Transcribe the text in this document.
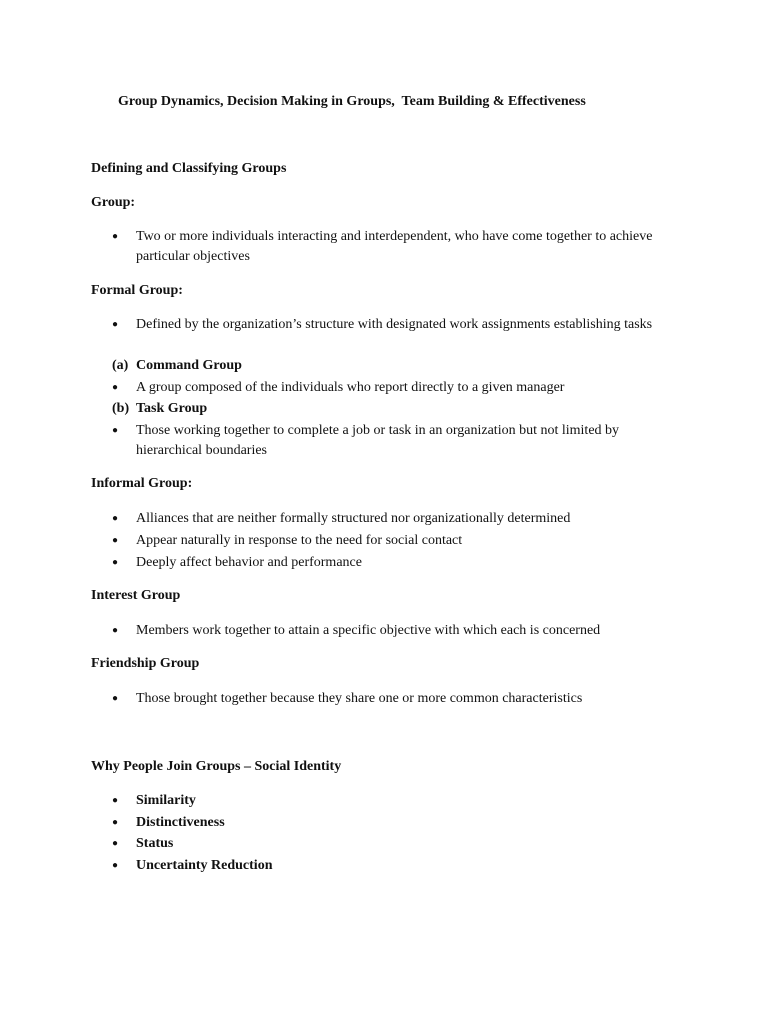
Group Dynamics, Decision Making in Groups,  Team Building & Effectiveness

Defining and Classifying Groups

Group:

●	Two or more individuals interacting and interdependent, who have come together to achieve particular objectives

Formal Group:

●	Defined by the organization’s structure with designated work assignments establishing tasks
(a) Command Group
●	A group composed of the individuals who report directly to a given manager
(b) Task Group
●	Those working together to complete a job or task in an organization but not limited by hierarchical boundaries

Informal Group:

●	Alliances that are neither formally structured nor organizationally determined
●	Appear naturally in response to the need for social contact
●	Deeply affect behavior and performance

Interest Group

●	Members work together to attain a specific objective with which each is concerned

Friendship Group

●	Those brought together because they share one or more common characteristics

Why People Join Groups – Social Identity

●	Similarity
●	Distinctiveness
●	Status
●	Uncertainty Reduction
